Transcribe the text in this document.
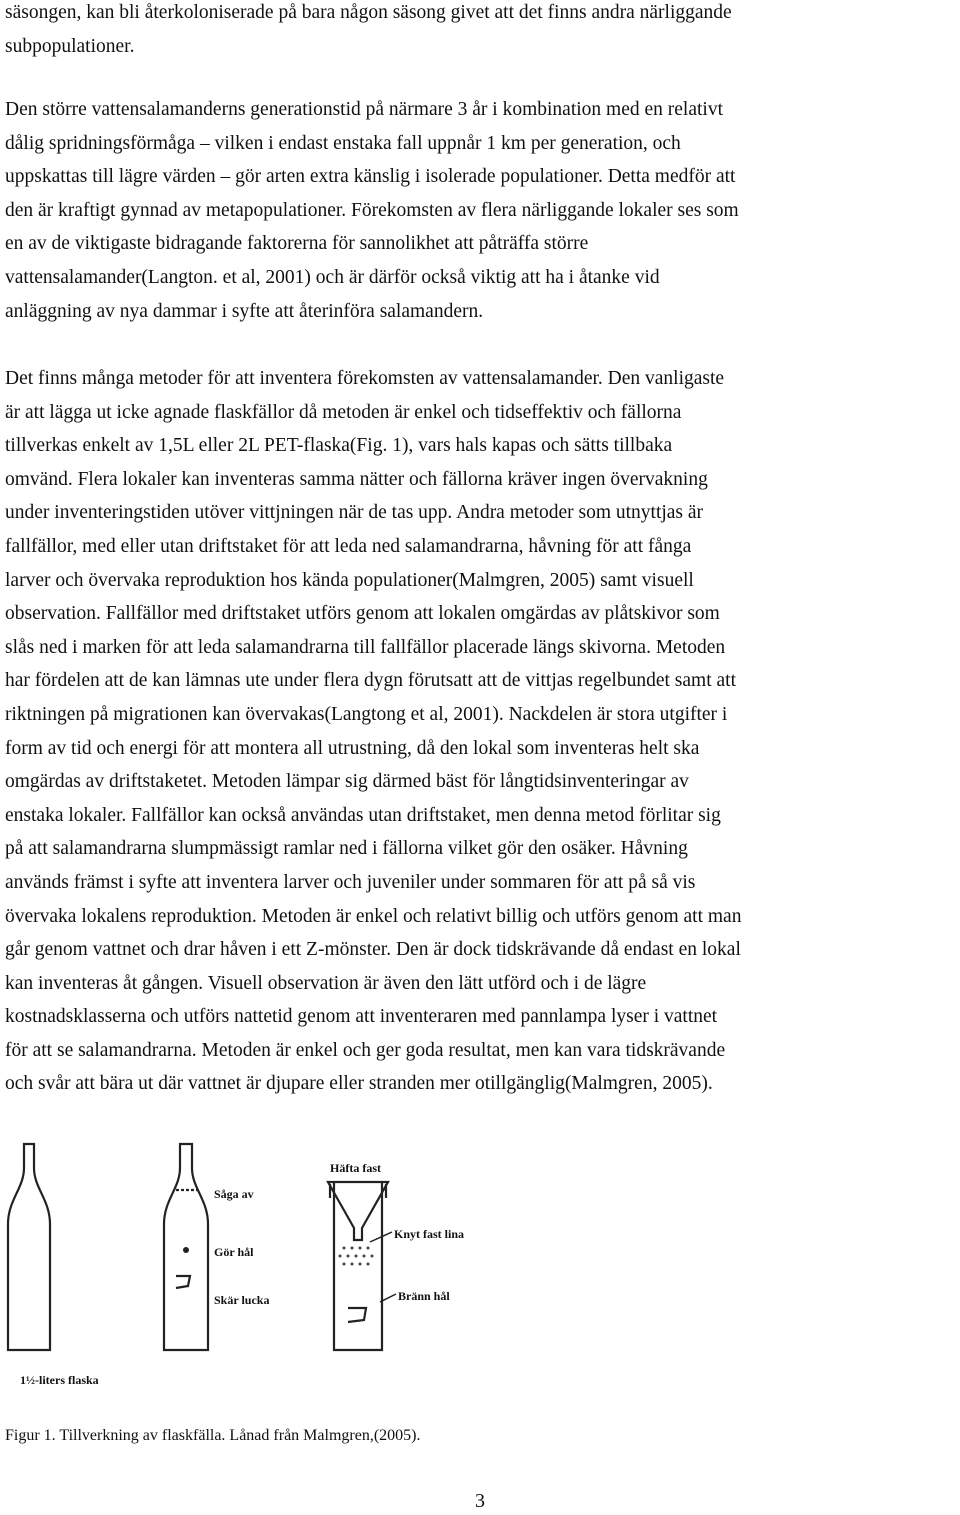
säsongen, kan bli återkoloniserade på bara någon säsong givet att det finns andra närliggande
subpopulationer.
Den större vattensalamanderns generationstid på närmare 3 år i kombination med en relativt
dålig spridningsförmåga – vilken i endast enstaka fall uppnår 1 km per generation, och
uppskattas till lägre värden – gör arten extra känslig i isolerade populationer. Detta medför att
den är kraftigt gynnad av metapopulationer. Förekomsten av flera närliggande lokaler ses som
en av de viktigaste bidragande faktorerna för sannolikhet att påträffa större
vattensalamander(Langton. et al, 2001) och är därför också viktig att ha i åtanke vid
anläggning av nya dammar i syfte att återinföra salamandern.
Det finns många metoder för att inventera förekomsten av vattensalamander. Den vanligaste
är att lägga ut icke agnade flaskfällor då metoden är enkel och tidseffektiv och fällorna
tillverkas enkelt av 1,5L eller 2L PET-flaska(Fig. 1), vars hals kapas och sätts tillbaka
omvänd. Flera lokaler kan inventeras samma nätter och fällorna kräver ingen övervakning
under inventeringstiden utöver vittjningen när de tas upp. Andra metoder som utnyttjas är
fallfällor, med eller utan driftstaket för att leda ned salamandrarna, håvning för att fånga
larver och övervaka reproduktion hos kända populationer(Malmgren, 2005) samt visuell
observation. Fallfällor med driftstaket utförs genom att lokalen omgärdas av plåtskivor som
slås ned i marken för att leda salamandrarna till fallfällor placerade längs skivorna. Metoden
har fördelen att de kan lämnas ute under flera dygn förutsatt att de vittjas regelbundet samt att
riktningen på migrationen kan övervakas(Langtong et al, 2001). Nackdelen är stora utgifter i
form av tid och energi för att montera all utrustning, då den lokal som inventeras helt ska
omgärdas av driftstaketet. Metoden lämpar sig därmed bäst för långtidsinventeringar av
enstaka lokaler. Fallfällor kan också användas utan driftstaket, men denna metod förlitar sig
på att salamandrarna slumpmässigt ramlar ned i fällorna vilket gör den osäker. Håvning
används främst i syfte att inventera larver och juveniler under sommaren för att på så vis
övervaka lokalens reproduktion. Metoden är enkel och relativt billig och utförs genom att man
går genom vattnet och drar håven i ett Z-mönster. Den är dock tidskrävande då endast en lokal
kan inventeras åt gången. Visuell observation är även den lätt utförd och i de lägre
kostnadsklasserna och utförs nattetid genom att inventeraren med pannlampa lyser i vattnet
för att se salamandrarna. Metoden är enkel och ger goda resultat, men kan vara tidskrävande
och svår att bära ut där vattnet är djupare eller stranden mer otillgänglig(Malmgren, 2005).
Såga av
Gör hål
Skär lucka
1½-liters flaska
Häfta fast
Knyt fast lina
Bränn hål
Figur 1. Tillverkning av flaskfälla. Lånad från Malmgren,(2005).
3
